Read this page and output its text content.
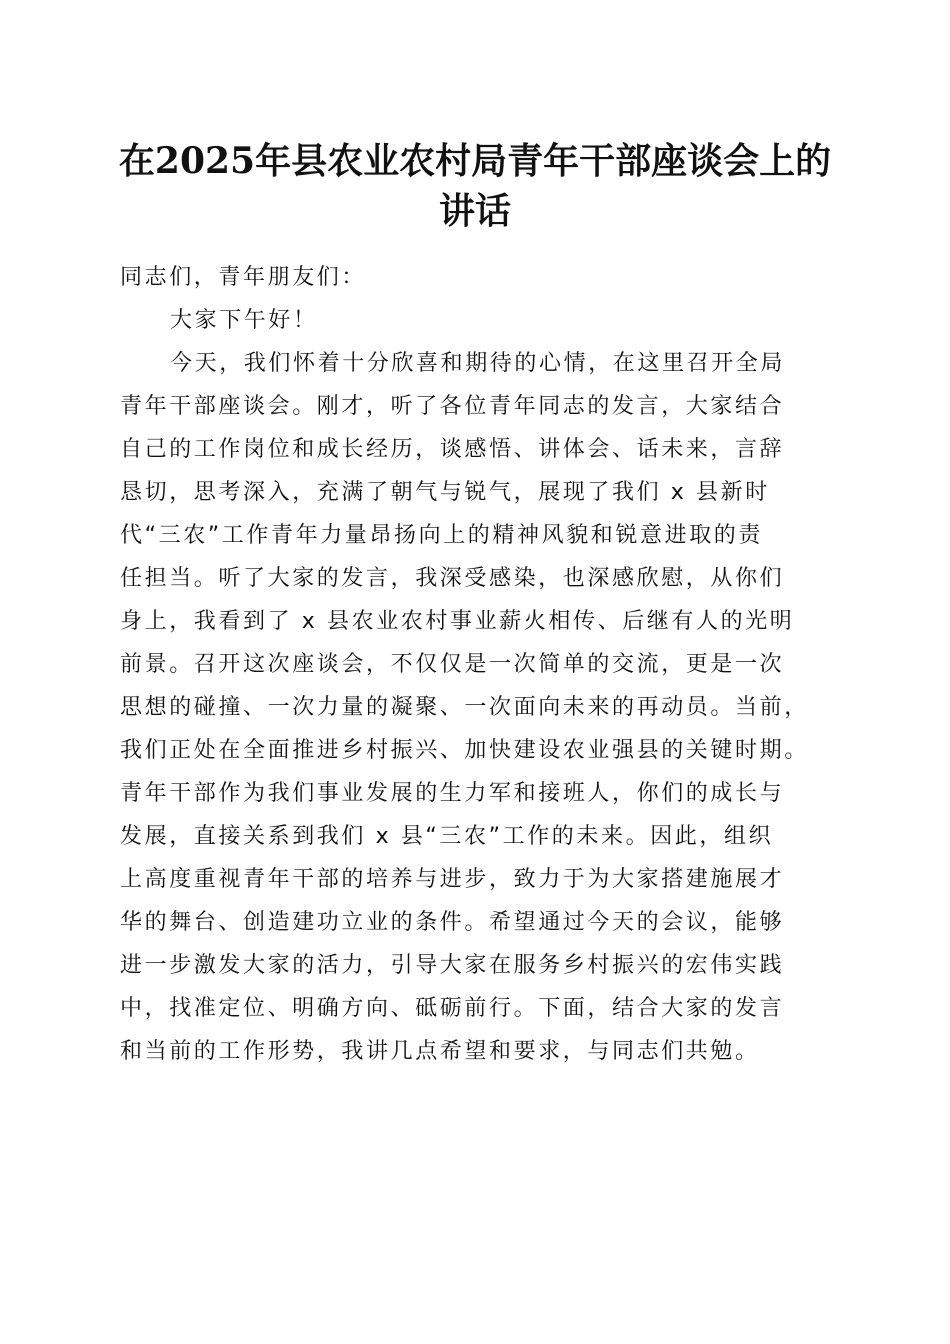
在2025年县农业农村局青年干部座谈会上的
讲话
同志们，青年朋友们：
大家下午好！

今天，我们怀着十分欣喜和期待的心情，在这里召开全局
青年干部座谈会。刚才，听了各位青年同志的发言，大家结合
自己的工作岗位和成长经历，谈感悟、讲体会、话未来，言辞
恳切，思考深入，充满了朝气与锐气，展现了我们 x 县新时
代“三农”工作青年力量昂扬向上的精神风貌和锐意进取的责
任担当。听了大家的发言，我深受感染，也深感欣慰，从你们
身上，我看到了 x 县农业农村事业薪火相传、后继有人的光明
前景。召开这次座谈会，不仅仅是一次简单的交流，更是一次
思想的碰撞、一次力量的凝聚、一次面向未来的再动员。当前，
我们正处在全面推进乡村振兴、加快建设农业强县的关键时期。
青年干部作为我们事业发展的生力军和接班人，你们的成长与
发展，直接关系到我们 x 县“三农”工作的未来。因此，组织
上高度重视青年干部的培养与进步，致力于为大家搭建施展才
华的舞台、创造建功立业的条件。希望通过今天的会议，能够
进一步激发大家的活力，引导大家在服务乡村振兴的宏伟实践
中，找准定位、明确方向、砥砺前行。下面，结合大家的发言
和当前的工作形势，我讲几点希望和要求，与同志们共勉。
